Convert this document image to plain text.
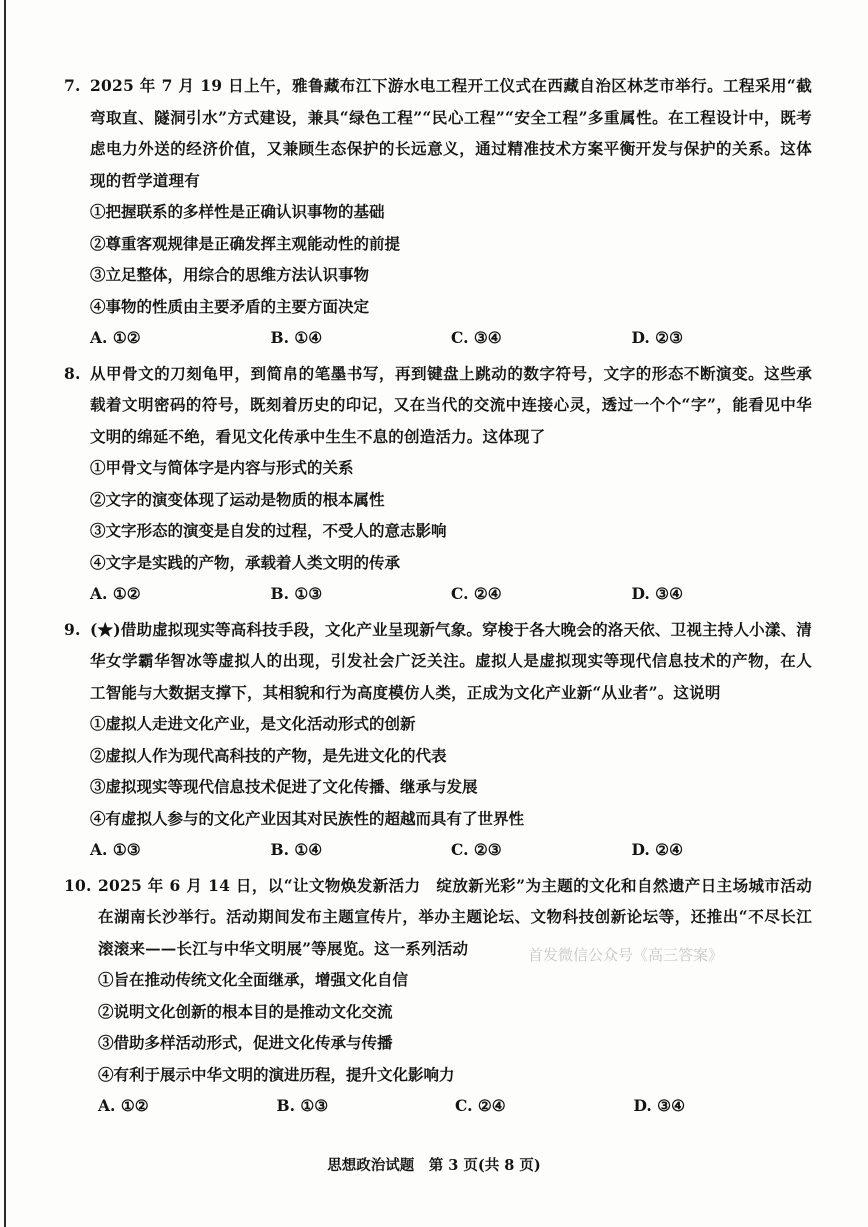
7. 2025 年 7 月 19 日上午，雅鲁藏布江下游水电工程开工仪式在西藏自治区林芝市举行。工程采用“截弯取直、隧洞引水”方式建设，兼具“绿色工程”“民心工程”“安全工程”多重属性。在工程设计中，既考虑电力外送的经济价值，又兼顾生态保护的长远意义，通过精准技术方案平衡开发与保护的关系。这体现的哲学道理有
①把握联系的多样性是正确认识事物的基础
②尊重客观规律是正确发挥主观能动性的前提
③立足整体，用综合的思维方法认识事物
④事物的性质由主要矛盾的主要方面决定
A. ①②	B. ①④	C. ③④	D. ②③
8. 从甲骨文的刀刻龟甲，到简帛的笔墨书写，再到键盘上跳动的数字符号，文字的形态不断演变。这些承载着文明密码的符号，既刻着历史的印记，又在当代的交流中连接心灵，透过一个个“字”，能看见中华文明的绵延不绝，看见文化传承中生生不息的创造活力。这体现了
①甲骨文与简体字是内容与形式的关系
②文字的演变体现了运动是物质的根本属性
③文字形态的演变是自发的过程，不受人的意志影响
④文字是实践的产物，承载着人类文明的传承
A. ①②	B. ①③	C. ②④	D. ③④
9. (★)借助虚拟现实等高科技手段，文化产业呈现新气象。穿梭于各大晚会的洛天依、卫视主持人小漾、清华女学霸华智冰等虚拟人的出现，引发社会广泛关注。虚拟人是虚拟现实等现代信息技术的产物，在人工智能与大数据支撑下，其相貌和行为高度模仿人类，正成为文化产业新“从业者”。这说明
①虚拟人走进文化产业，是文化活动形式的创新
②虚拟人作为现代高科技的产物，是先进文化的代表
③虚拟现实等现代信息技术促进了文化传播、继承与发展
④有虚拟人参与的文化产业因其对民族性的超越而具有了世界性
A. ①③	B. ①④	C. ②③	D. ②④
10. 2025 年 6 月 14 日，以“让文物焕发新活力　绽放新光彩”为主题的文化和自然遗产日主场城市活动在湖南长沙举行。活动期间发布主题宣传片，举办主题论坛、文物科技创新论坛等，还推出“不尽长江滚滚来——长江与中华文明展”等展览。这一系列活动
①旨在推动传统文化全面继承，增强文化自信
②说明文化创新的根本目的是推动文化交流
③借助多样活动形式，促进文化传承与传播
④有利于展示中华文明的演进历程，提升文化影响力
A. ①②	B. ①③	C. ②④	D. ③④
首发微信公众号《高三答案》
思想政治试题　第 3 页(共 8 页)
